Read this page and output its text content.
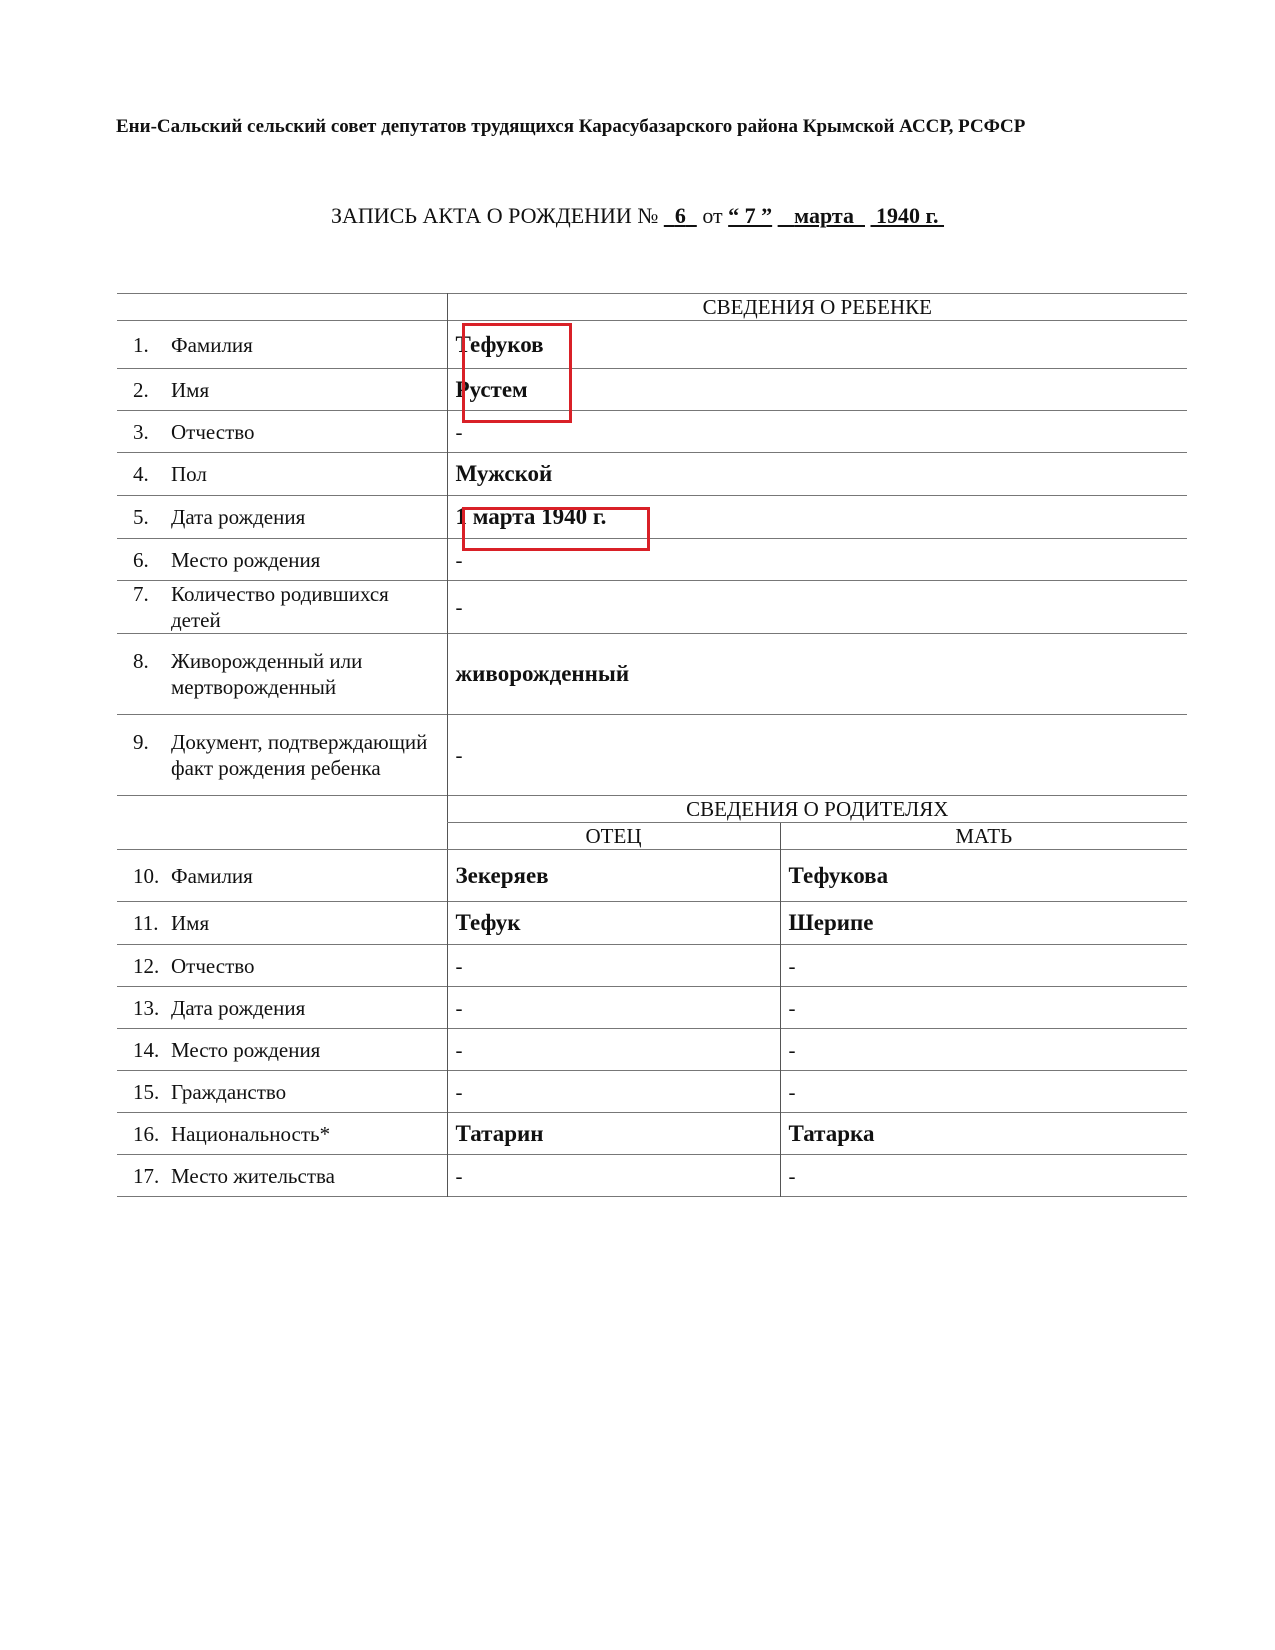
Ени-Сальский сельский совет депутатов трудящихся Карасубазарского района Крымской АССР, РСФСР
ЗАПИСЬ АКТА О РОЖДЕНИИ № 6 от “ 7 ” марта 1940 г.
	СВЕДЕНИЯ О РЕБЕНКЕ	

1. Фамилия	Тефуков	

2. Имя	Рустем	

3. Отчество	-	

4. Пол	Мужской	

5. Дата рождения	1 марта 1940 г.	

6. Место рождения	-	

7. Количество родившихся детей	-	

8. Живорожденный или мертворожденный	живорожденный	

9. Документ, подтверждающий факт рождения ребенка	-	
	СВЕДЕНИЯ О РОДИТЕЛЯХ	
	ОТЕЦ	МАТЬ

10. Фамилия	Зекеряев	Тефукова

11. Имя	Тефук	Шерипе

12. Отчество	-	-

13. Дата рождения	-	-

14. Место рождения	-	-

15. Гражданство	-	-

16. Национальность*	Татарин	Татарка

17. Место жительства	-	-
